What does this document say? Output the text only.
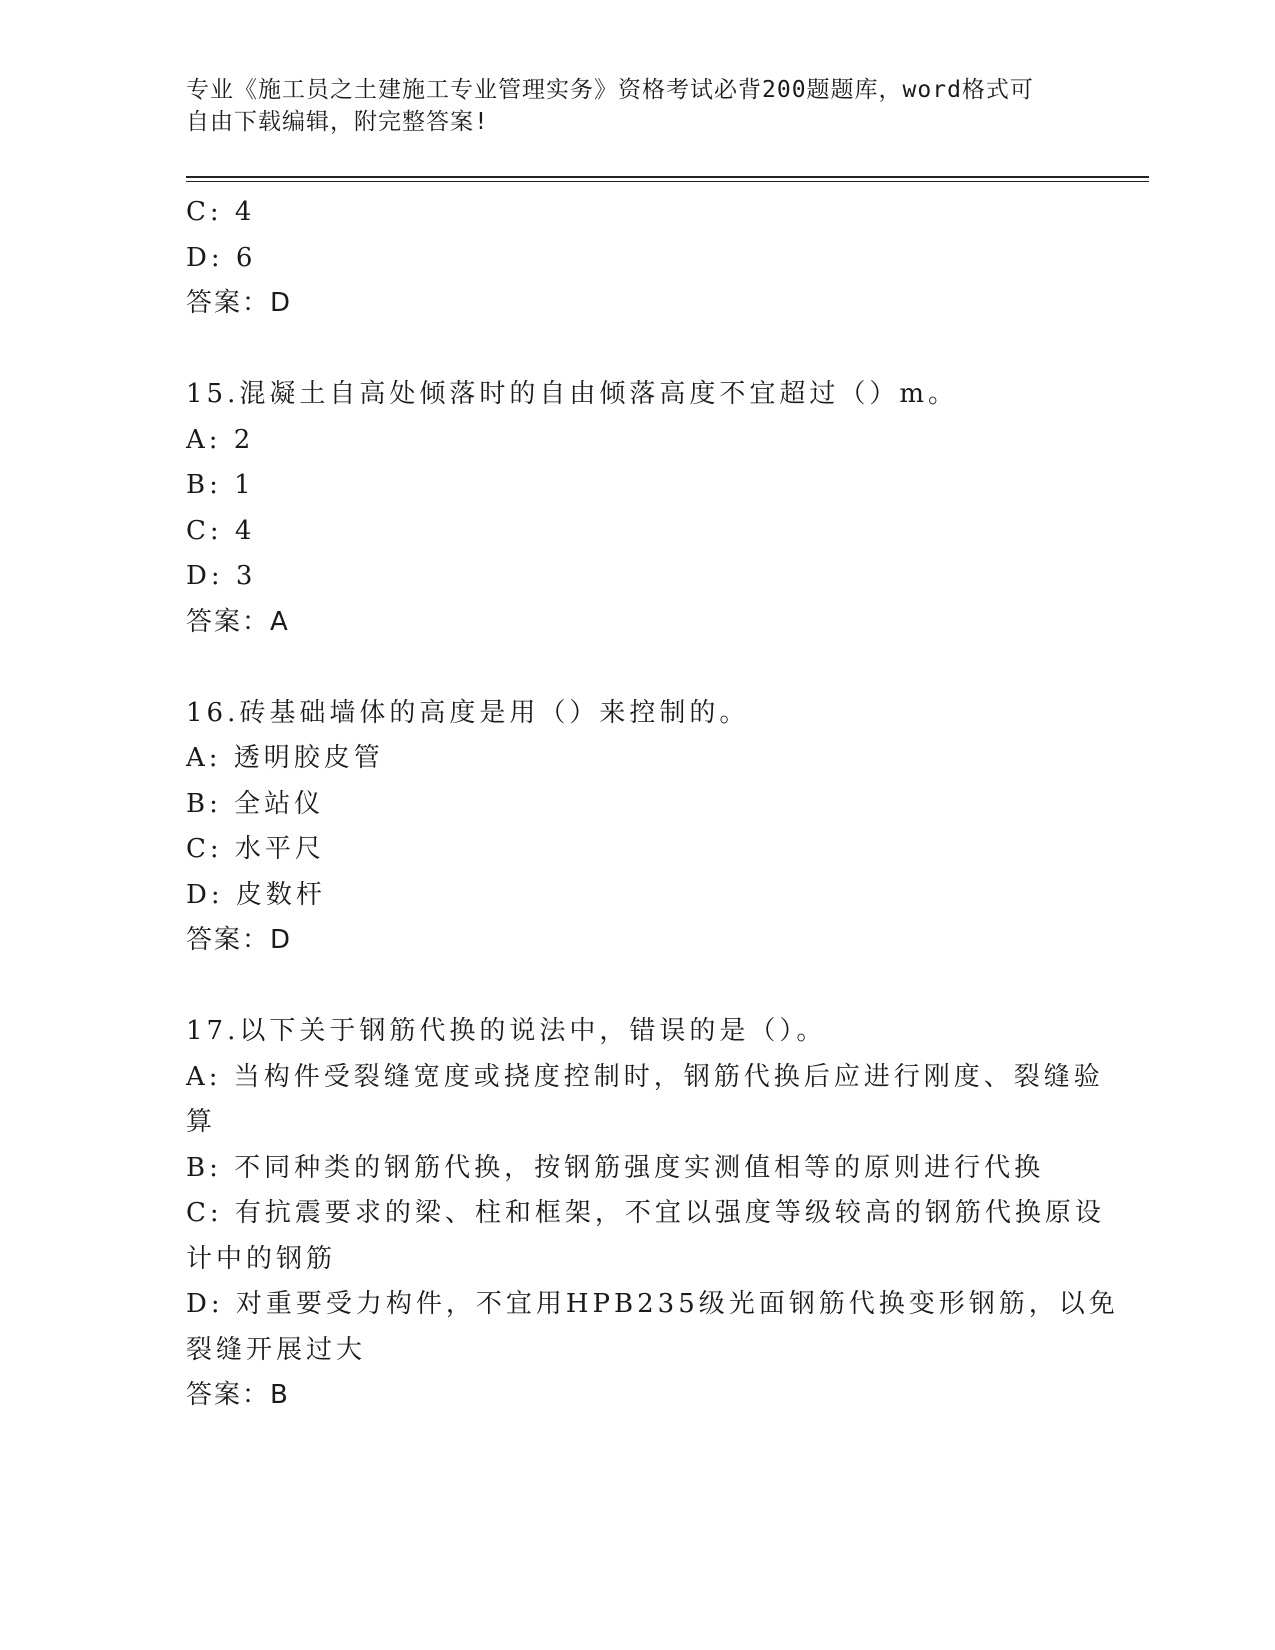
专业《施工员之土建施工专业管理实务》资格考试必背200题题库，word格式可
自由下载编辑，附完整答案!
C: 4
D: 6
答案：D
15.混凝土自高处倾落时的自由倾落高度不宜超过（）m。
A: 2
B: 1
C: 4
D: 3
答案：A
16.砖基础墙体的高度是用（）来控制的。
A: 透明胶皮管
B: 全站仪
C: 水平尺
D: 皮数杆
答案：D
17.以下关于钢筋代换的说法中，错误的是（）。
A: 当构件受裂缝宽度或挠度控制时，钢筋代换后应进行刚度、裂缝验
算
B: 不同种类的钢筋代换，按钢筋强度实测值相等的原则进行代换
C: 有抗震要求的梁、柱和框架，不宜以强度等级较高的钢筋代换原设
计中的钢筋
D: 对重要受力构件，不宜用HPB235级光面钢筋代换变形钢筋，以免
裂缝开展过大
答案：B
